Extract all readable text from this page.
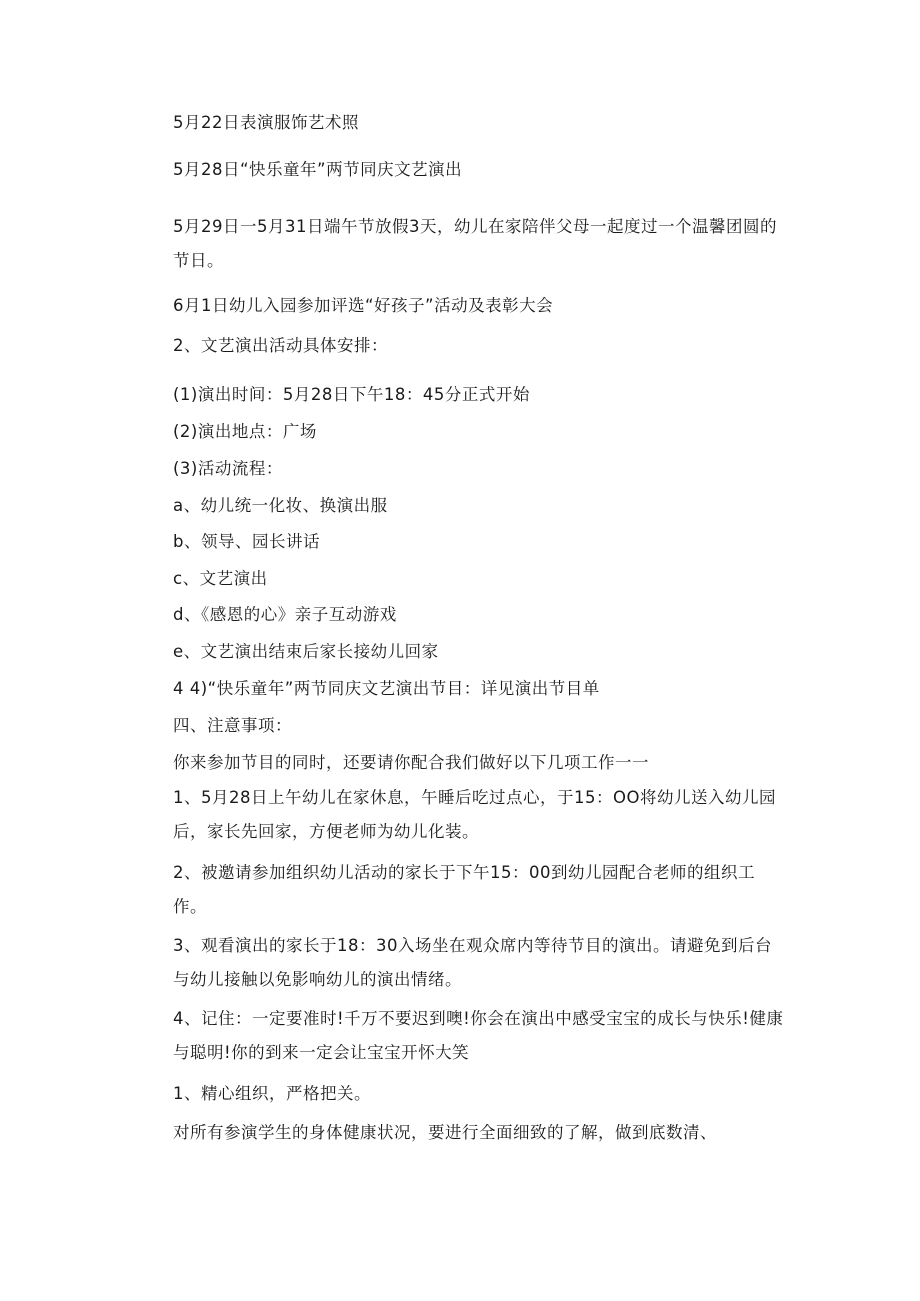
5月22日表演服饰艺术照
5月28日“快乐童年”两节同庆文艺演出
5月29日一5月31日端午节放假3天，幼儿在家陪伴父母一起度过一个温馨团圆的节日。
6月1日幼儿入园参加评选“好孩子”活动及表彰大会
2、文艺演出活动具体安排：
(1)演出时间：5月28日下午18：45分正式开始
(2)演出地点：广场
(3)活动流程：
a、幼儿统一化妆、换演出服
b、领导、园长讲话
c、文艺演出
d、《感恩的心》亲子互动游戏
e、文艺演出结束后家长接幼儿回家
4 4)“快乐童年”两节同庆文艺演出节目：详见演出节目单
四、注意事项：
你来参加节目的同时，还要请你配合我们做好以下几项工作一一
1、5月28日上午幼儿在家休息，午睡后吃过点心，于15：OO将幼儿送入幼儿园后，家长先回家，方便老师为幼儿化装。
2、被邀请参加组织幼儿活动的家长于下午15：00到幼儿园配合老师的组织工作。
3、观看演出的家长于18：30入场坐在观众席内等待节目的演出。请避免到后台与幼儿接触以免影响幼儿的演出情绪。
4、记住：一定要准时!千万不要迟到噢!你会在演出中感受宝宝的成长与快乐!健康与聪明!你的到来一定会让宝宝开怀大笑
1、精心组织，严格把关。
对所有参演学生的身体健康状况，要进行全面细致的了解，做到底数清、
